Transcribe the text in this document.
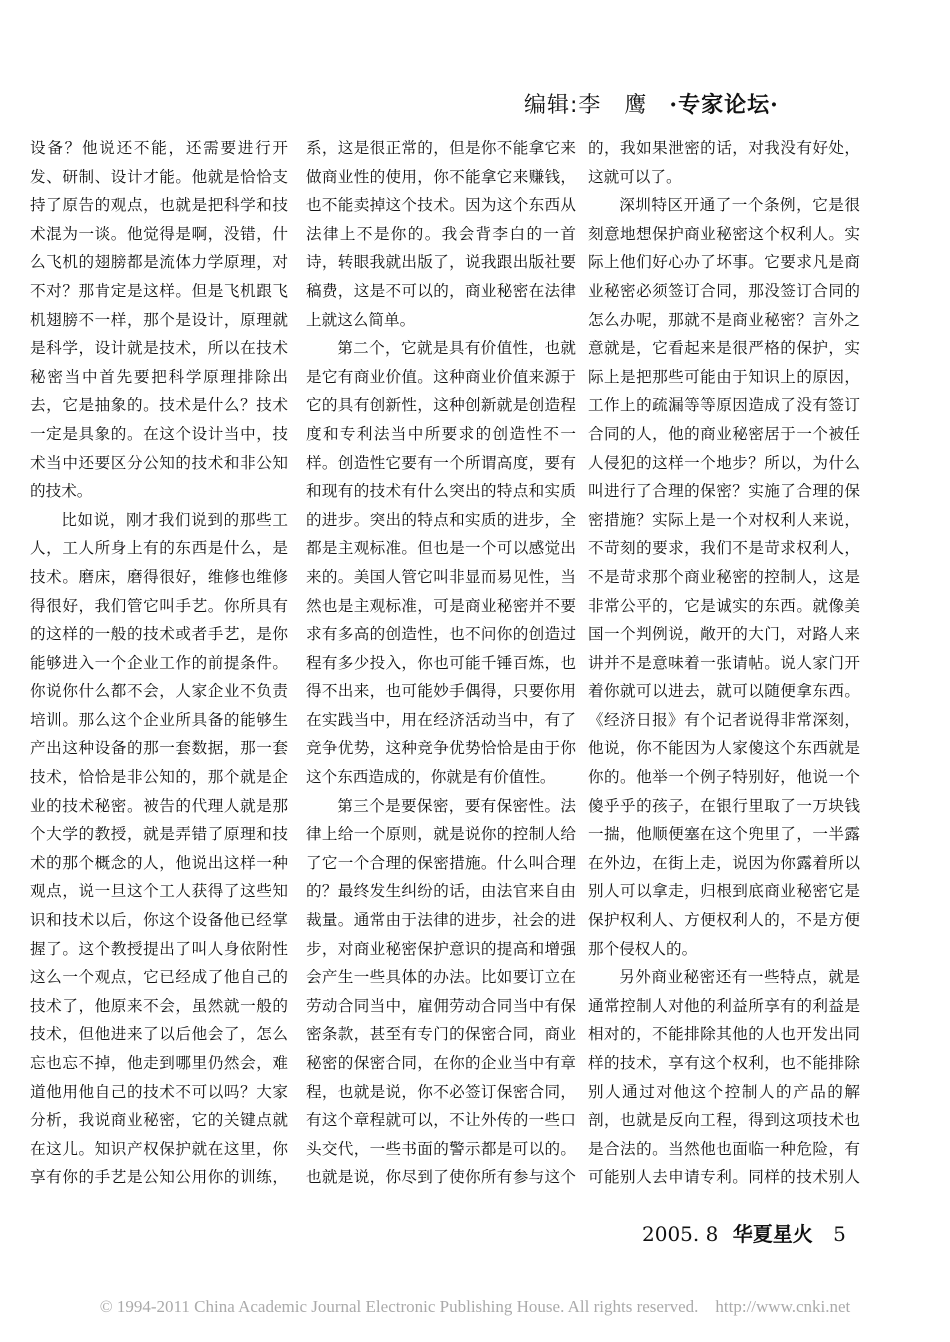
编辑:李　鹰 ·专家论坛·

设备？他说还不能，还需要进行开发、研制、设计才能。他就是恰恰支持了原告的观点，也就是把科学和技术混为一谈。他觉得是啊，没错，什么飞机的翅膀都是流体力学原理，对不对？那肯定是这样。但是飞机跟飞机翅膀不一样，那个是设计，原理就是科学，设计就是技术，所以在技术秘密当中首先要把科学原理排除出去，它是抽象的。技术是什么？技术一定是具象的。在这个设计当中，技术当中还要区分公知的技术和非公知的技术。

比如说，刚才我们说到的那些工人，工人所身上有的东西是什么，是技术。磨床，磨得很好，维修也维修得很好，我们管它叫手艺。你所具有的这样的一般的技术或者手艺，是你能够进入一个企业工作的前提条件。你说你什么都不会，人家企业不负责培训。那么这个企业所具备的能够生产出这种设备的那一套数据，那一套技术，恰恰是非公知的，那个就是企业的技术秘密。被告的代理人就是那个大学的教授，就是弄错了原理和技术的那个概念的人，他说出这样一种观点，说一旦这个工人获得了这些知识和技术以后，你这个设备他已经掌握了。这个教授提出了叫人身依附性这么一个观点，它已经成了他自己的技术了，他原来不会，虽然就一般的技术，但他进来了以后他会了，怎么忘也忘不掉，他走到哪里仍然会，难道他用他自己的技术不可以吗？大家分析，我说商业秘密，它的关键点就在这儿。知识产权保护就在这里，你享有你的手艺是公知公用你的训练，

系，这是很正常的，但是你不能拿它来做商业性的使用，你不能拿它来赚钱，也不能卖掉这个技术。因为这个东西从法律上不是你的。我会背李白的一首诗，转眼我就出版了，说我跟出版社要稿费，这是不可以的，商业秘密在法律上就这么简单。

第二个，它就是具有价值性，也就是它有商业价值。这种商业价值来源于它的具有创新性，这种创新就是创造程度和专利法当中所要求的创造性不一样。创造性它要有一个所谓高度，要有和现有的技术有什么突出的特点和实质的进步。突出的特点和实质的进步，全都是主观标准。但也是一个可以感觉出来的。美国人管它叫非显而易见性，当然也是主观标准，可是商业秘密并不要求有多高的创造性，也不问你的创造过程有多少投入，你也可能千锤百炼，也得不出来，也可能妙手偶得，只要你用在实践当中，用在经济活动当中，有了竞争优势，这种竞争优势恰恰是由于你这个东西造成的，你就是有价值性。

第三个是要保密，要有保密性。法律上给一个原则，就是说你的控制人给了它一个合理的保密措施。什么叫合理的？最终发生纠纷的话，由法官来自由裁量。通常由于法律的进步，社会的进步，对商业秘密保护意识的提高和增强会产生一些具体的办法。比如要订立在劳动合同当中，雇佣劳动合同当中有保密条款，甚至有专门的保密合同，商业秘密的保密合同，在你的企业当中有章程，也就是说，你不必签订保密合同，有这个章程就可以，不让外传的一些口头交代，一些书面的警示都是可以的。也就是说，你尽到了使你所有参与这个

的，我如果泄密的话，对我没有好处，这就可以了。

深圳特区开通了一个条例，它是很刻意地想保护商业秘密这个权利人。实际上他们好心办了坏事。它要求凡是商业秘密必须签订合同，那没签订合同的怎么办呢，那就不是商业秘密？言外之意就是，它看起来是很严格的保护，实际上是把那些可能由于知识上的原因，工作上的疏漏等等原因造成了没有签订合同的人，他的商业秘密居于一个被任人侵犯的这样一个地步？所以，为什么叫进行了合理的保密？实施了合理的保密措施？实际上是一个对权利人来说，不苛刻的要求，我们不是苛求权利人，不是苛求那个商业秘密的控制人，这是非常公平的，它是诚实的东西。就像美国一个判例说，敞开的大门，对路人来讲并不是意味着一张请帖。说人家门开着你就可以进去，就可以随便拿东西。《经济日报》有个记者说得非常深刻，他说，你不能因为人家傻这个东西就是你的。他举一个例子特别好，他说一个傻乎乎的孩子，在银行里取了一万块钱一揣，他顺便塞在这个兜里了，一半露在外边，在街上走，说因为你露着所以别人可以拿走，归根到底商业秘密它是保护权利人、方便权利人的，不是方便那个侵权人的。

另外商业秘密还有一些特点，就是通常控制人对他的利益所享有的利益是相对的，不能排除其他的人也开发出同样的技术，享有这个权利，也不能排除别人通过对他这个控制人的产品的解剖，也就是反向工程，得到这项技术也是合法的。当然他也面临一种危险，有可能别人去申请专利。同样的技术别人

2005. 8 华夏星火 5
© 1994-2011 China Academic Journal Electronic Publishing House. All rights reserved.　http://www.cnki.net
